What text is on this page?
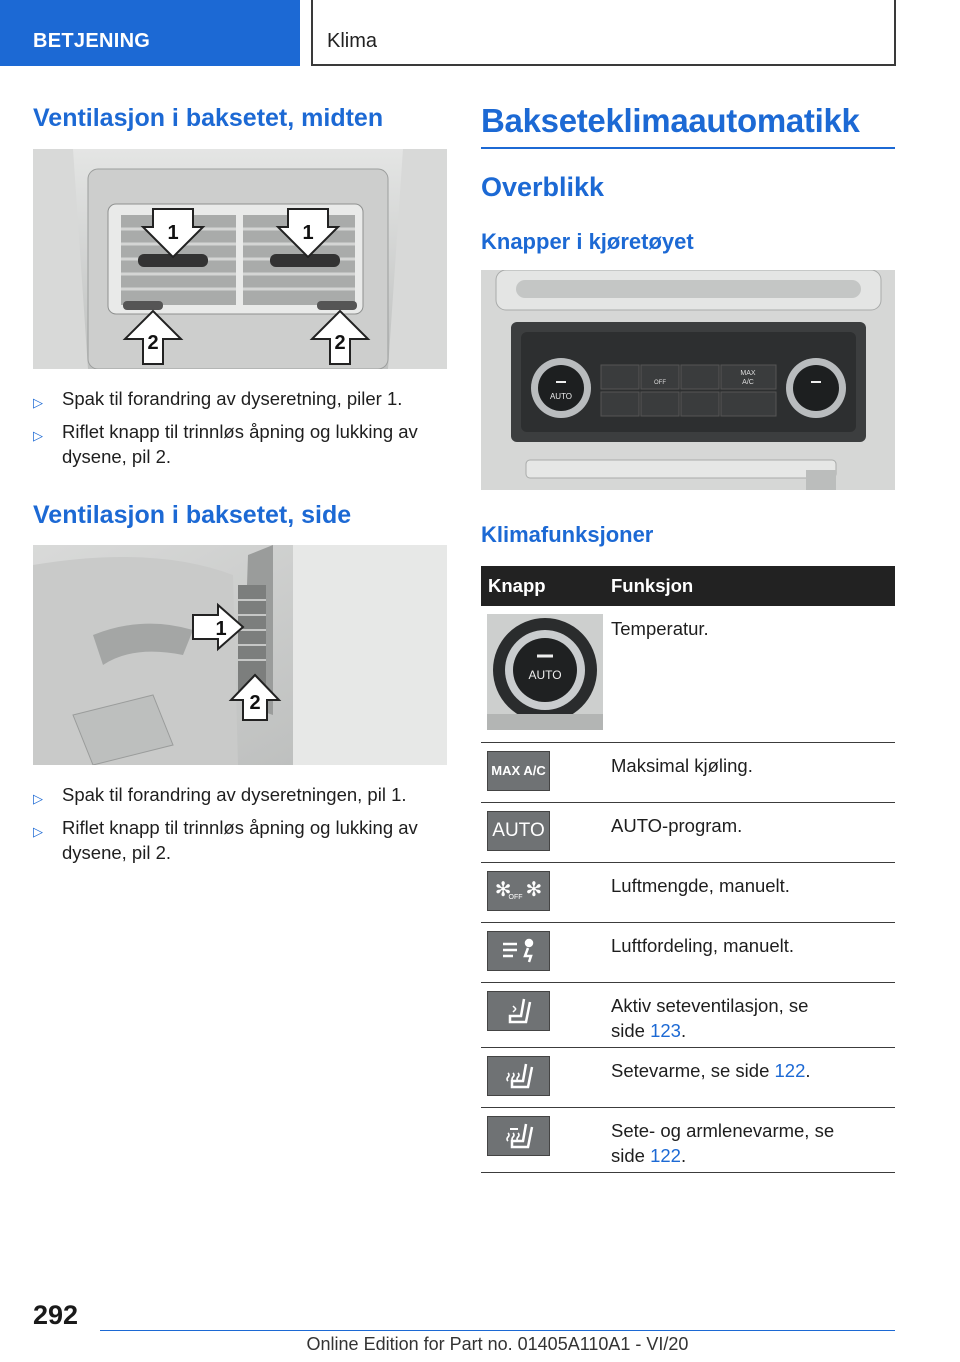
BETJENING	Klima
Ventilasjon i baksetet, midten
1	1
2	2
▷ Spak til forandring av dyseretning, piler 1.
▷ Riflet knapp til trinnløs åpning og lukking av dysene, pil 2.
Ventilasjon i baksetet, side
1
2
▷ Spak til forandring av dyseretningen, pil 1.
▷ Riflet knapp til trinnløs åpning og lukking av dysene, pil 2.
Baksetеklimaautomatikk
Overblikk
Knapper i kjøretøyet
AUTO
OFF
MAX
A/C
Klimafunksjoner
Knapp	Funksjon

AUTO	Temperatur.

MAX A/C	Maksimal kjøling.

AUTO	AUTO-program.

✻
OFF ✻	Luftmengde, manuelt.

	Luftfordeling, manuelt.

	Aktiv seteventilasjon, se
side 123.

	Setevarme, se side 122.

	Sete- og armlenevarme, se
side 122.
292
Online Edition for Part no. 01405A110A1 - VI/20
